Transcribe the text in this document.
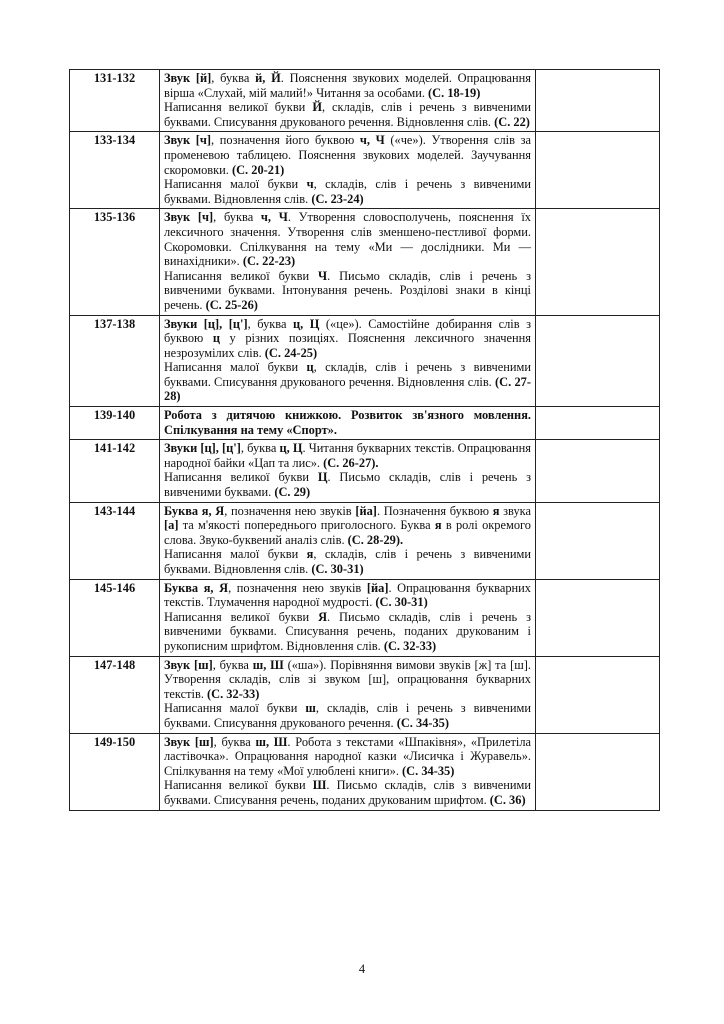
131-132	Звук [й], буква й, Й. Пояснення звукових моделей. Опрацювання вірша «Слухай, мій малий!» Читання за особами. (С. 18-19)
Написання великої букви Й, складів, слів і речень з вивченими буквами. Списування друкованого речення. Відновлення слів. (С. 22)	

133-134	Звук [ч], позначення його буквою ч, Ч («че»). Утворення слів за променевою таблицею. Пояснення звукових моделей. Заучування скоромовки. (С. 20-21)
Написання малої букви ч, складів, слів і речень з вивченими буквами. Відновлення слів. (С. 23-24)	

135-136	Звук [ч], буква ч, Ч. Утворення словосполучень, пояснення їх лексичного значення. Утворення слів зменшено-пестливої форми. Скоромовки. Спілкування на тему «Ми — дослідники. Ми — винахідники». (С. 22-23)
Написання великої букви Ч. Письмо складів, слів і речень з вивченими буквами. Інтонування речень. Розділові знаки в кінці речень. (С. 25-26)	

137-138	Звуки [ц], [ц'], буква ц, Ц («це»). Самостійне добирання слів з буквою ц у різних позиціях. Пояснення лексичного значення незрозумілих слів. (С. 24-25)
Написання малої букви ц, складів, слів і речень з вивченими буквами. Списування друкованого речення. Відновлення слів. (С. 27-28)	

139-140	Робота з дитячою книжкою. Розвиток зв'язного мовлення. Спілкування на тему «Спорт».	

141-142	Звуки [ц], [ц'], буква ц, Ц. Читання букварних текстів. Опрацювання народної байки «Цап та лис». (С. 26-27).
Написання великої букви Ц. Письмо складів, слів і речень з вивченими буквами. (С. 29)	

143-144	Буква я, Я, позначення нею звуків [йа]. Позначення буквою я звука [а] та м'якості попереднього приголосного. Буква я в ролі окремого слова. Звуко-буквений аналіз слів. (С. 28-29).
Написання малої букви я, складів, слів і речень з вивченими буквами. Відновлення слів. (С. 30-31)	

145-146	Буква я, Я, позначення нею звуків [йа]. Опрацювання букварних текстів. Тлумачення народної мудрості. (С. 30-31)
Написання великої букви Я. Письмо складів, слів і речень з вивченими буквами. Списування речень, поданих друкованим і рукописним шрифтом. Відновлення слів. (С. 32-33)	

147-148	Звук [ш], буква ш, Ш («ша»). Порівняння вимови звуків [ж] та [ш]. Утворення складів, слів зі звуком [ш], опрацювання букварних текстів. (С. 32-33)
Написання малої букви ш, складів, слів і речень з вивченими буквами. Списування друкованого речення. (С. 34-35)	

149-150	Звук [ш], буква ш, Ш. Робота з текстами «Шпаківня», «Прилетіла ластівочка». Опрацювання народної казки «Лисичка і Журавель». Спілкування на тему «Мої улюблені книги». (С. 34-35)
Написання великої букви Ш. Письмо складів, слів з вивченими буквами. Списування речень, поданих друкованим шрифтом. (С. 36)	

4
